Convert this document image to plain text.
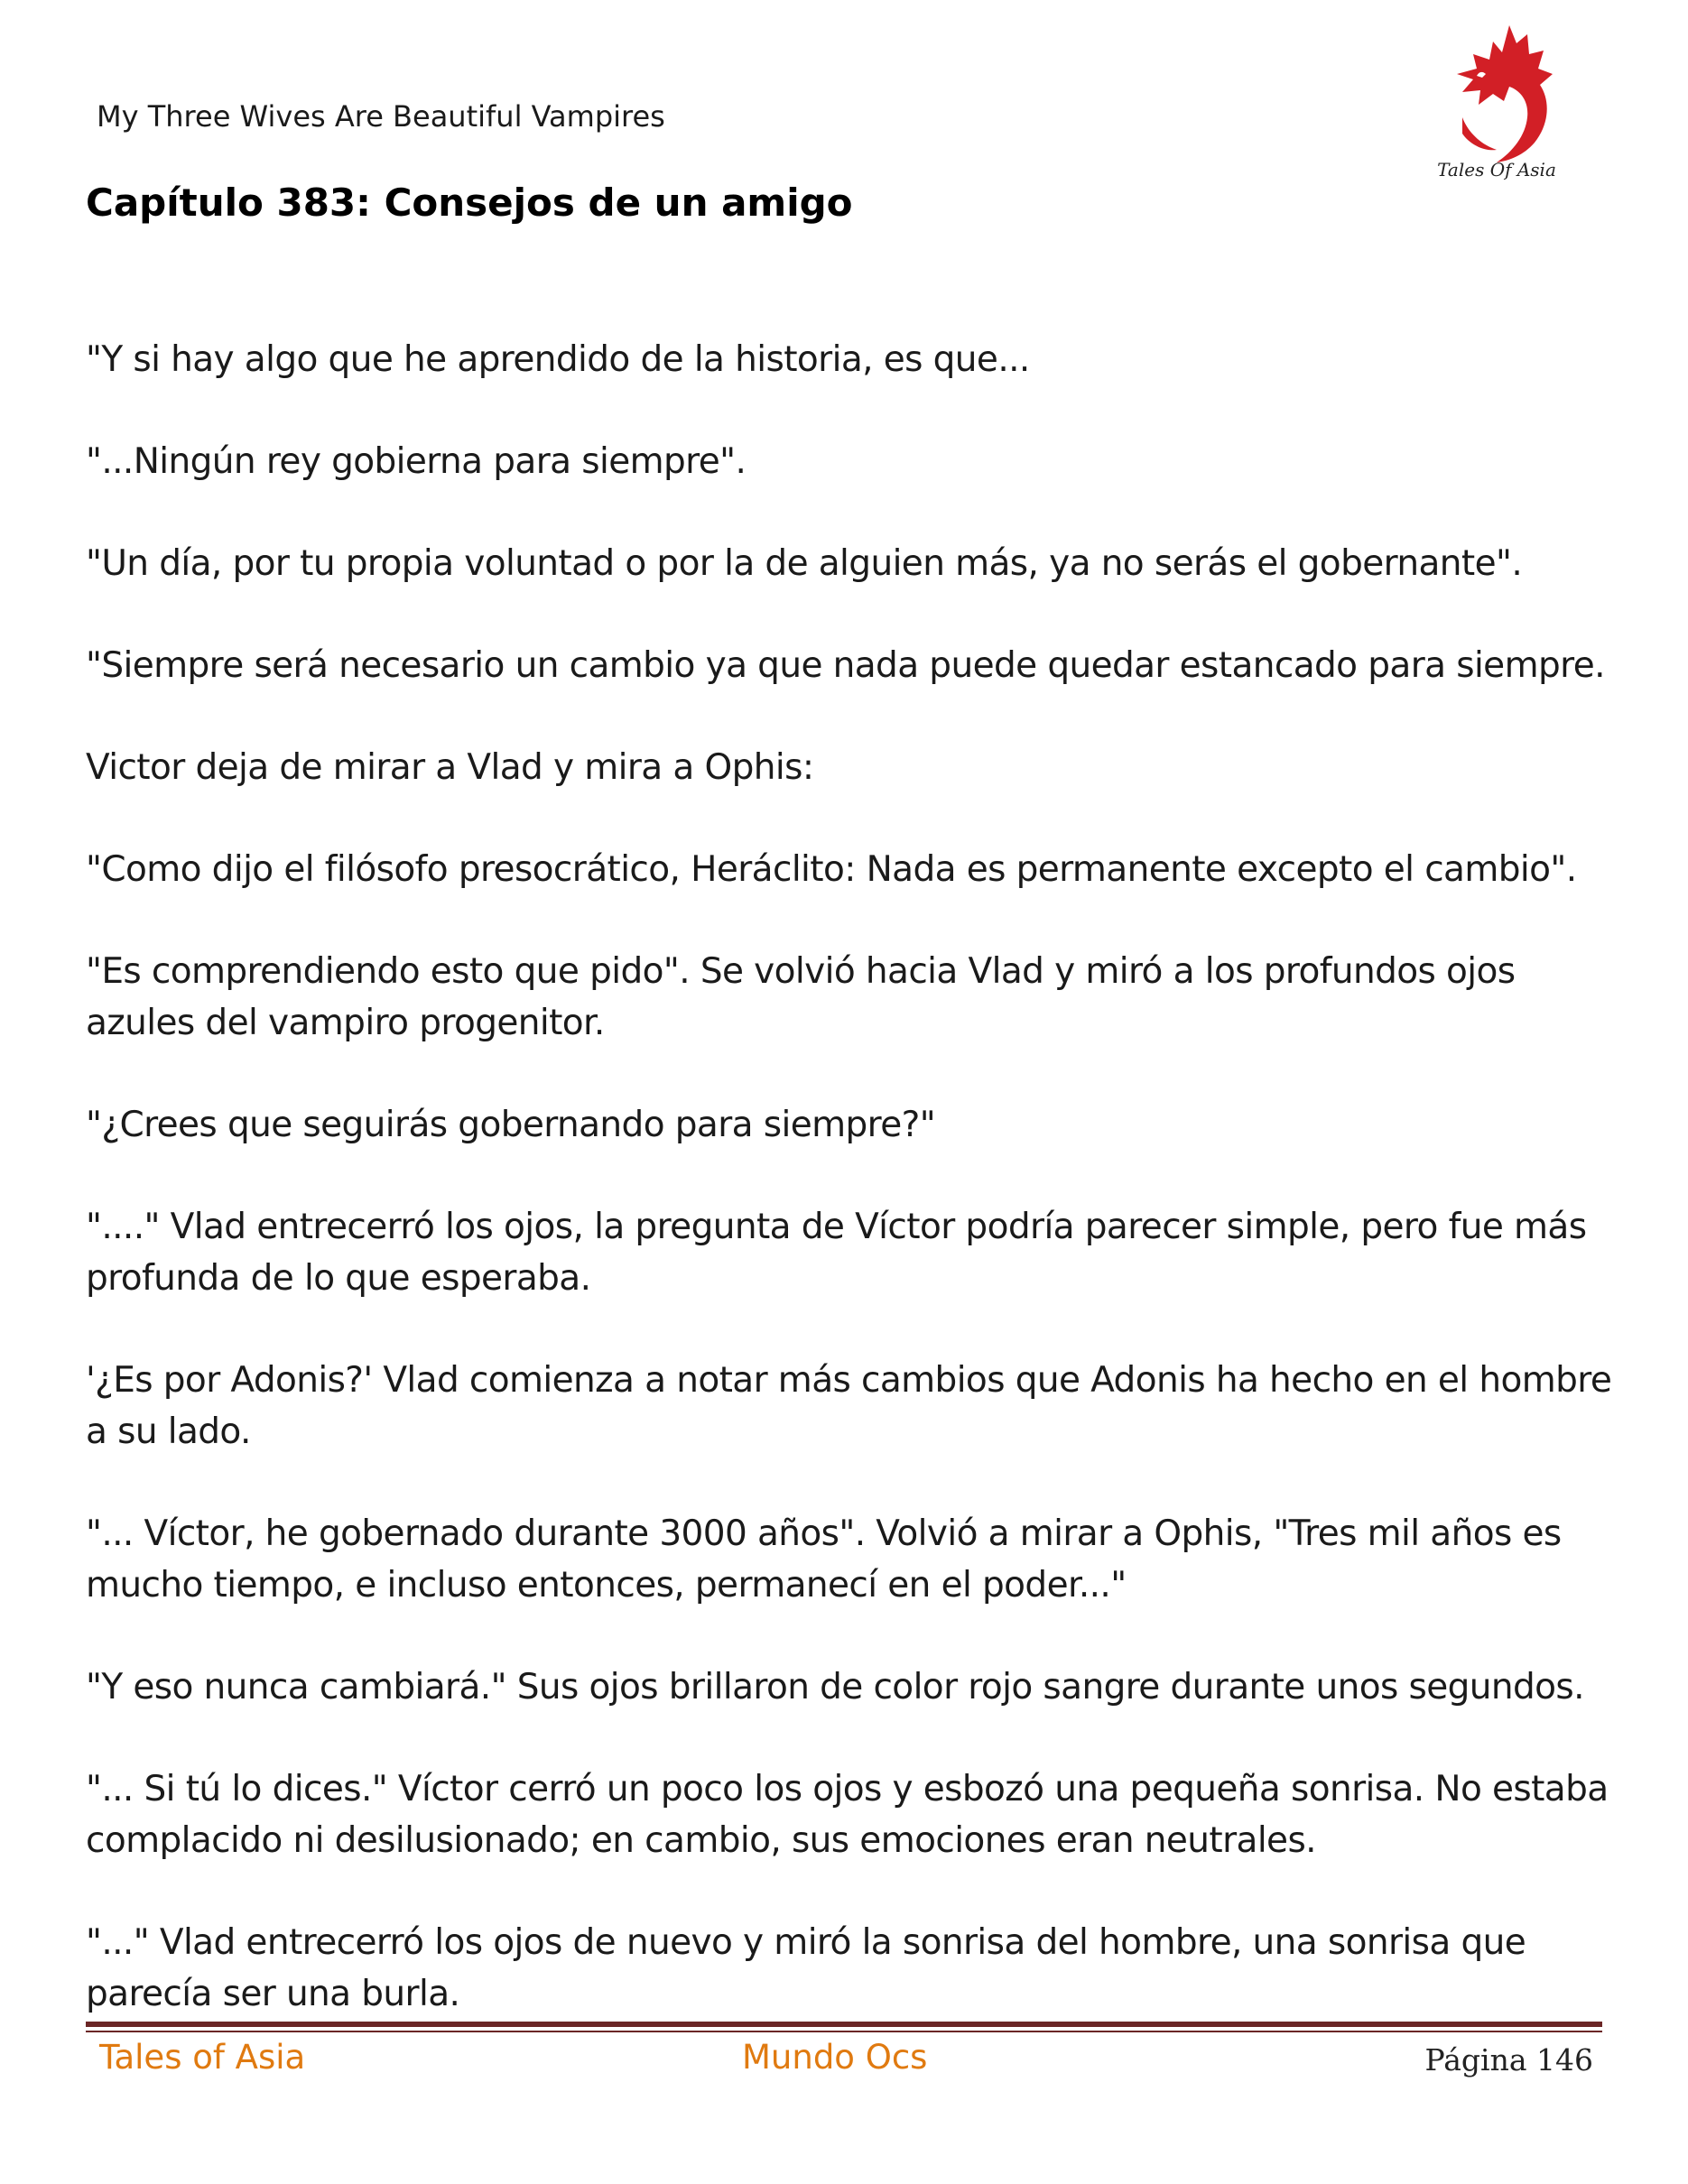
My Three Wives Are Beautiful Vampires
Tales Of Asia
Capítulo 383: Consejos de un amigo

"Y si hay algo que he aprendido de la historia, es que...

"...Ningún rey gobierna para siempre".

"Un día, por tu propia voluntad o por la de alguien más, ya no serás el gobernante".

"Siempre será necesario un cambio ya que nada puede quedar estancado para siempre.

Victor deja de mirar a Vlad y mira a Ophis:

"Como dijo el filósofo presocrático, Heráclito: Nada es permanente excepto el cambio".

"Es comprendiendo esto que pido". Se volvió hacia Vlad y miró a los profundos ojos azules del vampiro progenitor.

"¿Crees que seguirás gobernando para siempre?"

"...." Vlad entrecerró los ojos, la pregunta de Víctor podría parecer simple, pero fue más profunda de lo que esperaba.

'¿Es por Adonis?' Vlad comienza a notar más cambios que Adonis ha hecho en el hombre a su lado.

"... Víctor, he gobernado durante 3000 años". Volvió a mirar a Ophis, "Tres mil años es mucho tiempo, e incluso entonces, permanecí en el poder..."

"Y eso nunca cambiará." Sus ojos brillaron de color rojo sangre durante unos segundos.

"... Si tú lo dices." Víctor cerró un poco los ojos y esbozó una pequeña sonrisa. No estaba complacido ni desilusionado; en cambio, sus emociones eran neutrales.

"..." Vlad entrecerró los ojos de nuevo y miró la sonrisa del hombre, una sonrisa que parecía ser una burla.

Tales of Asia	Mundo Ocs	Página 146
